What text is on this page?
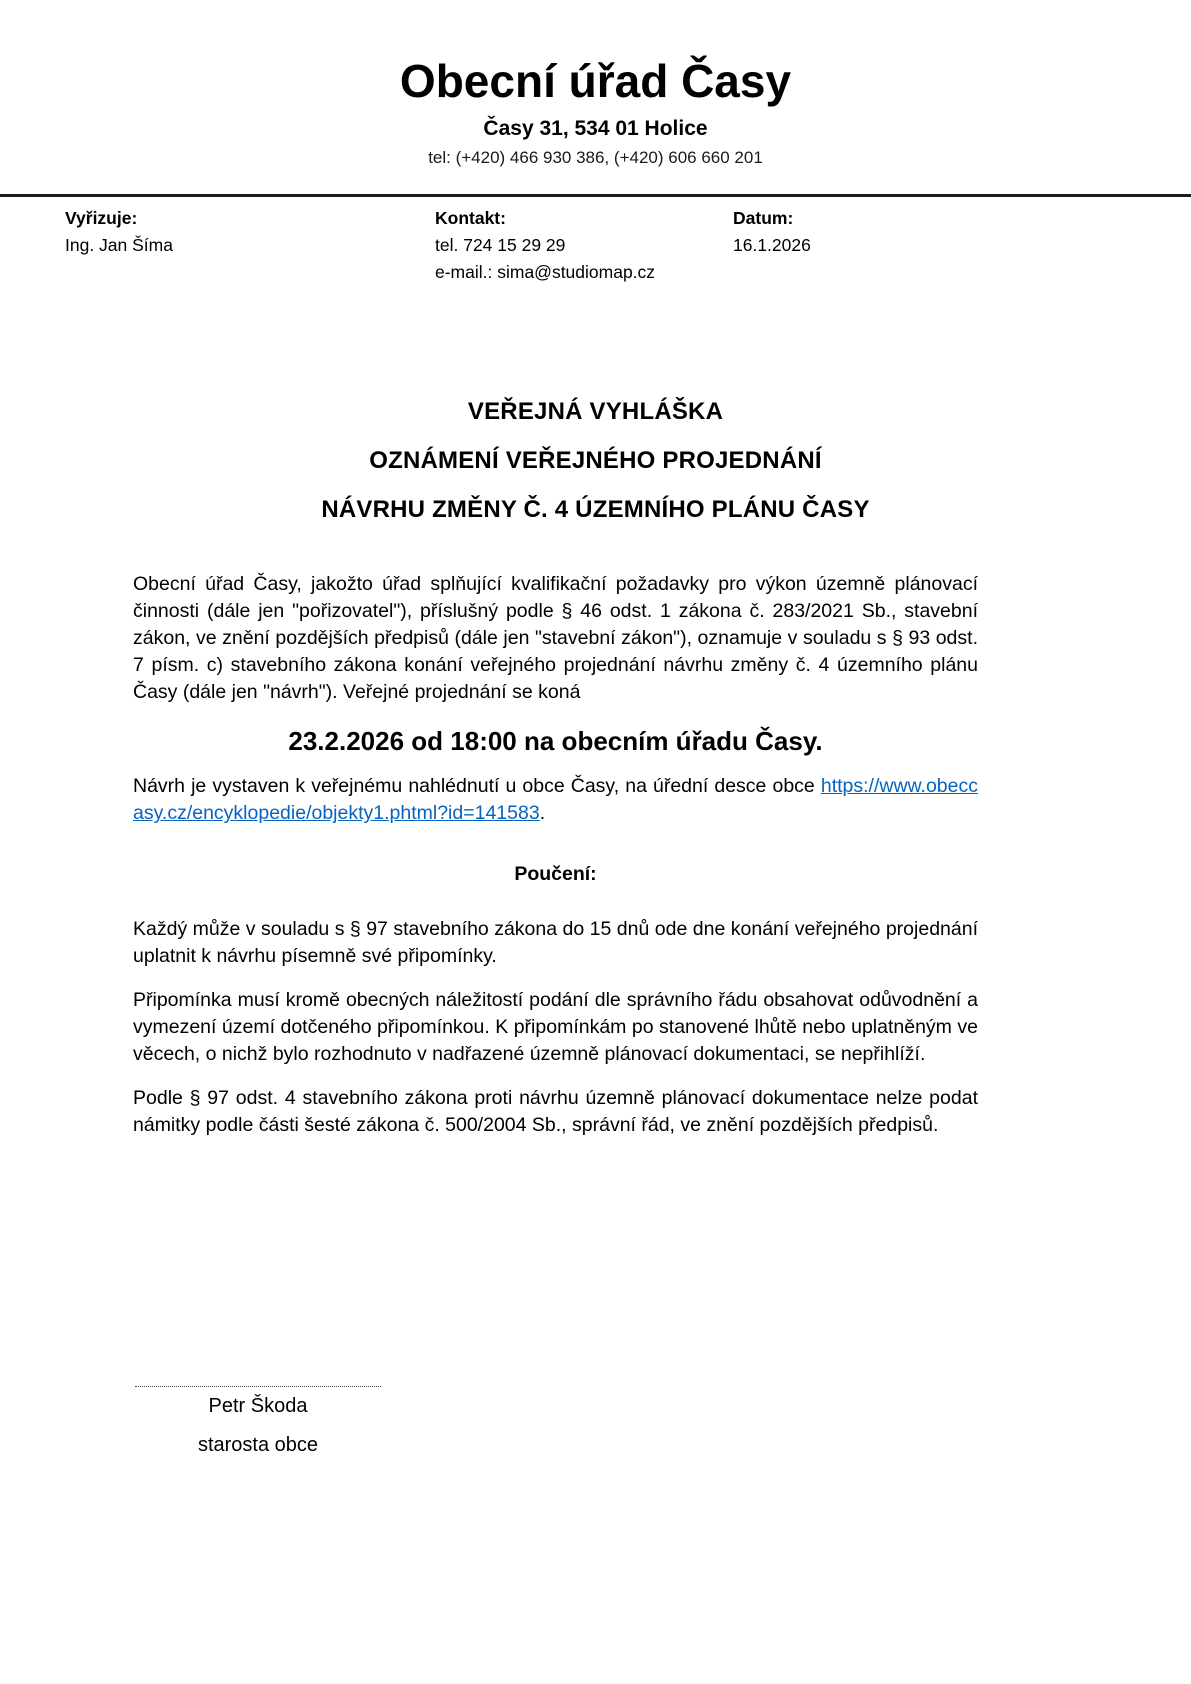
Obecní úřad Časy
Časy 31, 534 01 Holice
tel: (+420) 466 930 386, (+420) 606 660 201
Vyřizuje:
Ing. Jan Šíma
Kontakt:
tel. 724 15 29 29
e-mail.: sima@studiomap.cz
Datum:
16.1.2026
VEŘEJNÁ VYHLÁŠKA
OZNÁMENÍ VEŘEJNÉHO PROJEDNÁNÍ
NÁVRHU ZMĚNY Č. 4 ÚZEMNÍHO PLÁNU ČASY

Obecní úřad Časy, jakožto úřad splňující kvalifikační požadavky pro výkon územně plánovací činnosti (dále jen "pořizovatel"), příslušný podle § 46 odst. 1 zákona č. 283/2021 Sb., stavební zákon, ve znění pozdějších předpisů (dále jen "stavební zákon"), oznamuje v souladu s § 93 odst. 7 písm. c) stavebního zákona konání veřejného projednání návrhu změny č. 4 územního plánu Časy (dále jen "návrh"). Veřejné projednání se koná

23.2.2026 od 18:00 na obecním úřadu Časy.

Návrh je vystaven k veřejnému nahlédnutí u obce Časy, na úřední desce obce https://www.obeccasy.cz/encyklopedie/objekty1.phtml?id=141583.

Poučení:

Každý může v souladu s § 97 stavebního zákona do 15 dnů ode dne konání veřejného projednání uplatnit k návrhu písemně své připomínky.

Připomínka musí kromě obecných náležitostí podání dle správního řádu obsahovat odůvodnění a vymezení území dotčeného připomínkou. K připomínkám po stanovené lhůtě nebo uplatněným ve věcech, o nichž bylo rozhodnuto v nadřazené územně plánovací dokumentaci, se nepřihlíží.

Podle § 97 odst. 4 stavebního zákona proti návrhu územně plánovací dokumentace nelze podat námitky podle části šesté zákona č. 500/2004 Sb., správní řád, ve znění pozdějších předpisů.

Petr Škoda
starosta obce
